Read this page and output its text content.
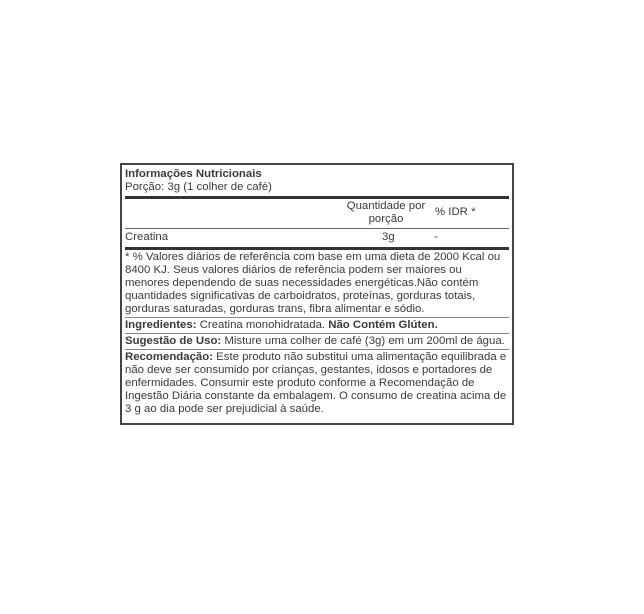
Informações Nutricionais
Porção: 3g (1 colher de café)
Quantidade por porção
% IDR *
Creatina	3g	-
* % Valores diários de referência com base em uma dieta de 2000 Kcal ou 8400 KJ. Seus valores diários de referência podem ser maiores ou menores dependendo de suas necessidades energéticas.Não contém quantidades significativas de carboidratos, proteínas, gorduras totais, gorduras saturadas, gorduras trans, fibra alimentar e sódio.
Ingredientes: Creatina monohidratada. Não Contém Glúten.
Sugestão de Uso: Misture uma colher de café (3g) em um 200ml de água.
Recomendação: Este produto não substitui uma alimentação equilibrada e não deve ser consumido por crianças, gestantes, idosos e portadores de enfermidades. Consumir este produto conforme a Recomendação de Ingestão Diária constante da embalagem. O consumo de creatina acima de 3 g ao dia pode ser prejudicial à saúde.
